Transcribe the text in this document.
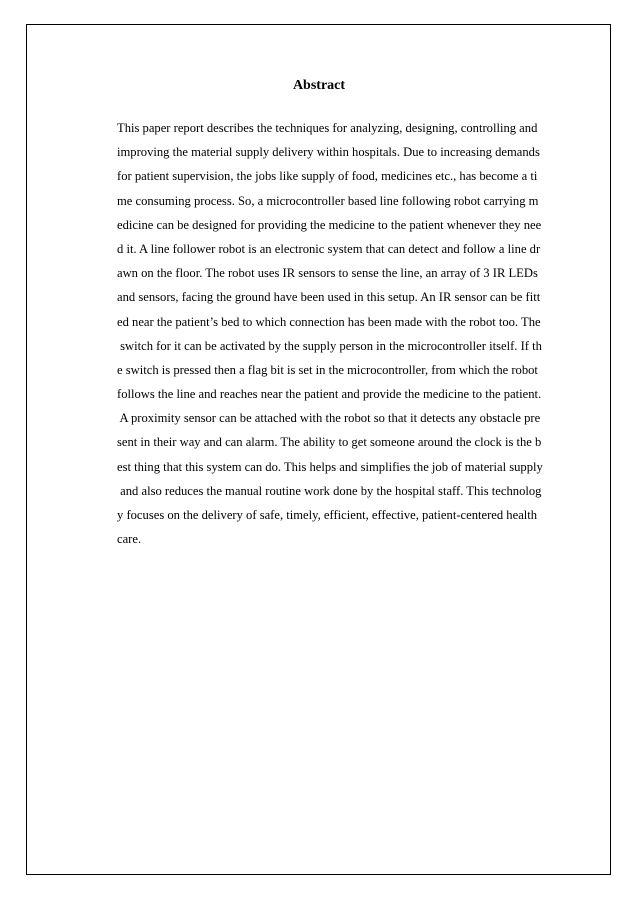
Abstract
This paper report describes the techniques for analyzing, designing, controlling and
improving the material supply delivery within hospitals. Due to increasing demands
for patient supervision, the jobs like supply of food, medicines etc., has become a ti
me consuming process. So, a microcontroller based line following robot carrying m
edicine can be designed for providing the medicine to the patient whenever they nee
d it. A line follower robot is an electronic system that can detect and follow a line dr
awn on the floor. The robot uses IR sensors to sense the line, an array of 3 IR LEDs
and sensors, facing the ground have been used in this setup. An IR sensor can be fitt
ed near the patient’s bed to which connection has been made with the robot too. The
switch for it can be activated by the supply person in the microcontroller itself. If th
e switch is pressed then a flag bit is set in the microcontroller, from which the robot
follows the line and reaches near the patient and provide the medicine to the patient.
A proximity sensor can be attached with the robot so that it detects any obstacle pre
sent in their way and can alarm. The ability to get someone around the clock is the b
est thing that this system can do. This helps and simplifies the job of material supply
and also reduces the manual routine work done by the hospital staff. This technolog
y focuses on the delivery of safe, timely, efficient, effective, patient-centered health
care.
